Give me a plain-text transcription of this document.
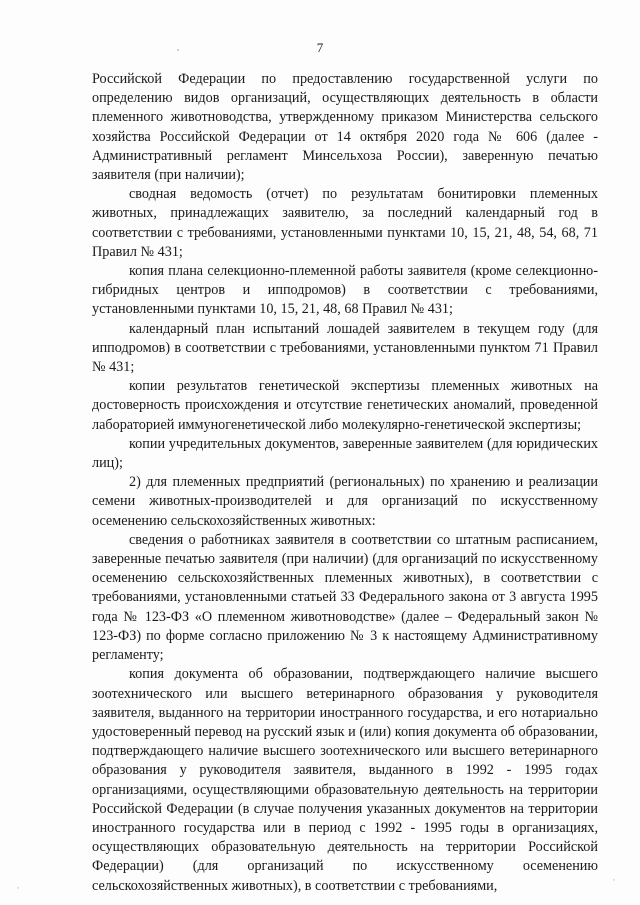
7

Российской Федерации по предоставлению государственной услуги по определению видов организаций, осуществляющих деятельность в области племенного животноводства, утвержденному приказом Министерства сельского хозяйства Российской Федерации от 14 октября 2020 года № 606 (далее - Административный регламент Минсельхоза России), заверенную печатью заявителя (при наличии);

сводная ведомость (отчет) по результатам бонитировки племенных животных, принадлежащих заявителю, за последний календарный год в соответствии с требованиями, установленными пунктами 10, 15, 21, 48, 54, 68, 71 Правил № 431;

копия плана селекционно-племенной работы заявителя (кроме селекционно-гибридных центров и ипподромов) в соответствии с требованиями, установленными пунктами 10, 15, 21, 48, 68 Правил № 431;

календарный план испытаний лошадей заявителем в текущем году (для ипподромов) в соответствии с требованиями, установленными пунктом 71 Правил № 431;

копии результатов генетической экспертизы племенных животных на достоверность происхождения и отсутствие генетических аномалий, проведенной лабораторией иммуногенетической либо молекулярно-генетической экспертизы;

копии учредительных документов, заверенные заявителем (для юридических лиц);

2) для племенных предприятий (региональных) по хранению и реализации семени животных-производителей и для организаций по искусственному осеменению сельскохозяйственных животных:

сведения о работниках заявителя в соответствии со штатным расписанием, заверенные печатью заявителя (при наличии) (для организаций по искусственному осеменению сельскохозяйственных племенных животных), в соответствии с требованиями, установленными статьей 33 Федерального закона от 3 августа 1995 года № 123-ФЗ «О племенном животноводстве» (далее – Федеральный закон № 123-ФЗ) по форме согласно приложению № 3 к настоящему Административному регламенту;

копия документа об образовании, подтверждающего наличие высшего зоотехнического или высшего ветеринарного образования у руководителя заявителя, выданного на территории иностранного государства, и его нотариально удостоверенный перевод на русский язык и (или) копия документа об образовании, подтверждающего наличие высшего зоотехнического или высшего ветеринарного образования у руководителя заявителя, выданного в 1992 - 1995 годах организациями, осуществляющими образовательную деятельность на территории Российской Федерации (в случае получения указанных документов на территории иностранного государства или в период с 1992 - 1995 годы в организациях, осуществляющих образовательную деятельность на территории Российской Федерации) (для организаций по искусственному осеменению сельскохозяйственных животных), в соответствии с требованиями,
